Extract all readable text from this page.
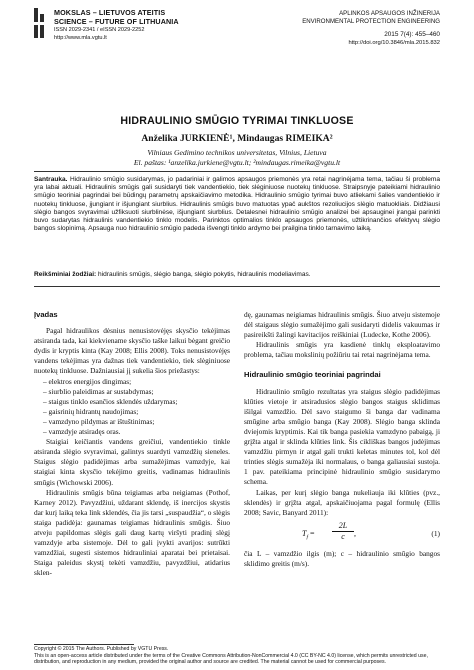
MOKSLAS – LIETUVOS ATEITIS
SCIENCE – FUTURE OF LITHUANIA
ISSN 2029-2341 / eISSN 2029-2252
http://www.mla.vgtu.lt
APLINKOS APSAUGOS INŽINERIJA
ENVIRONMENTAL PROTECTION ENGINEERING
2015 7(4): 455–460
http://doi.org/10.3846/mla.2015.832
HIDRAULINIO SMŪGIO TYRIMAI TINKLUOSE
Anželika JURKIENĖ¹, Mindaugas RIMEIKA²
Vilniaus Gedimino technikos universitetas, Vilnius, Lietuva
El. paštas: ¹anzelika.jurkiene@vgtu.lt; ²mindaugas.rimeika@vgtu.lt
Santrauka. Hidraulinio smūgio susidarymas, jo padariniai ir galimos apsaugos priemonės yra retai nagrinėjama tema, tačiau ši problema yra labai aktuali. Hidraulinis smūgis gali susidaryti tiek vandentiekio, tiek slėginiuose nuotekų tinkluose. Straipsnyje pateikiami hidraulinio smūgio teoriniai pagrindai bei būdingų parametrų apskaičiavimo metodika. Hidraulinio smūgio tyrimai buvo atliekami šalies vandentiekio ir nuotekų tinkluose, įjungiant ir išjungiant siurblius. Hidraulinis smūgis buvo matuotas ypač aukštos rezoliucijos slėgio matuokliais. Didžiausi slėgio bangos svyravimai užfiksuoti siurblinėse, išjungiant siurblius. Detalesnei hidraulinio smūgio analizei bei apsauginei įrangai parinkti buvo sudarytas hidraulinis vandentiekio tinklo modelis. Parinktos optimalios tinklo apsaugos priemonės, užtikrinančios efektyvų slėgio bangos slopinimą. Apsauga nuo hidraulinio smūgio padeda išvengti tinklo ardymo bei prailgina tinklo tarnavimo laiką.
Reikšminiai žodžiai: hidraulinis smūgis, slėgio banga, slėgio pokytis, hidraulinis modeliavimas.
Įvadas

Pagal hidraulikos dėsnius nenusistovėjęs skysčio tekėjimas atsiranda tada, kai kiekviename skysčio taške laikui bėgant greičio dydis ir kryptis kinta (Kay 2008; Ellis 2008). Toks nenusistovėjęs vandens tekėjimas yra dažnas tiek vandentiekio, tiek slėginiuose nuotekų tinkluose. Dažniausiai jį sukelia šios priežastys:

– elektros energijos dingimas;
– siurblio paleidimas ar sustabdymas;
– staigus tinklo esančios sklendės uždarymas;
– gaisrinių hidrantų naudojimas;
– vamzdyno pildymas ar ištuštinimas;
– vamzdyje atsiradęs oras.

Staigiai keičiantis vandens greičiui, vandentiekio tinkle atsiranda slėgio svyravimai, galintys suardyti vamzdžių sieneles. Staigus slėgio padidėjimas arba sumažėjimas vamzdyje, kai staigiai kinta skysčio tekėjimo greitis, vadinamas hidraulinis smūgis (Wichowski 2006).

Hidraulinis smūgis būna teigiamas arba neigiamas (Pothof, Karney 2012). Pavyzdžiui, uždarant sklendę, iš inercijos skystis dar kurį laiką teka link sklendės, čia jis tarsi „suspaudžia“, o slėgis staiga padidėja: gaunamas teigiamas hidraulinis smūgis. Šiuo atveju papildomas slėgis gali daug kartų viršyti pradinį slėgį vamzdyje arba sistemoje. Dėl to gali įvykti avarijos: sutrūkti vamzdžiai, sugesti sistemos hidrauliniai aparatai bei prietaisai. Staiga paleidus skystį tekėti vamzdžiu, pavyzdžiui, atidarius sklen-

dę, gaunamas neigiamas hidraulinis smūgis. Šiuo atveju sistemoje dėl staigaus slėgio sumažėjimo gali susidaryti didelis vakuumas ir pasireikšti žalingi kavitacijos reiškiniai (Ludecke, Kothe 2006).

Hidraulinis smūgis yra kasdienė tinklų eksploatavimo problema, tačiau mokslinių požiūriu tai retai nagrinėjama tema.

Hidraulinio smūgio teoriniai pagrindai

Hidraulinio smūgio rezultatas yra staigus slėgio padidėjimas klūties vietoje ir atsiradusios slėgio bangos staigus sklidimas išilgai vamzdžio. Dėl savo staigumo ši banga dar vadinama smūgine arba smūgio banga (Kay 2008). Slėgio banga sklinda dviejomis kryptimis. Kai tik banga pasiekia vamzdyno pabaigą, ji grįžta atgal ir sklinda klūties link. Šis cikliškas bangos judėjimas vamzdžiu pirmyn ir atgal gali trukti keletas minutes tol, kol dėl trinties slėgis sumažėja iki normalaus, o banga galiausiai sustoja. 1 pav. pateikiama principinė hidraulinio smūgio susidarymo schema.

Laikas, per kurį slėgio banga nukeliauja iki klūties (pvz., sklendės) ir grįžta atgal, apskaičiuojama pagal formulę (Ellis 2008; Savic, Banyard 2011):

$T_f = \frac{2L}{c}$ ,	(1)

čia L – vamzdžio ilgis (m); c – hidraulinio smūgio bangos sklidimo greitis (m/s).

Copyright © 2015 The Authors. Published by VGTU Press.
This is an open-access article distributed under the terms of the Creative Commons Attribution-NonCommercial 4.0 (CC BY-NC 4.0) license, which permits unrestricted use, distribution, and reproduction in any medium, provided the original author and source are credited. The material cannot be used for commercial purposes.
